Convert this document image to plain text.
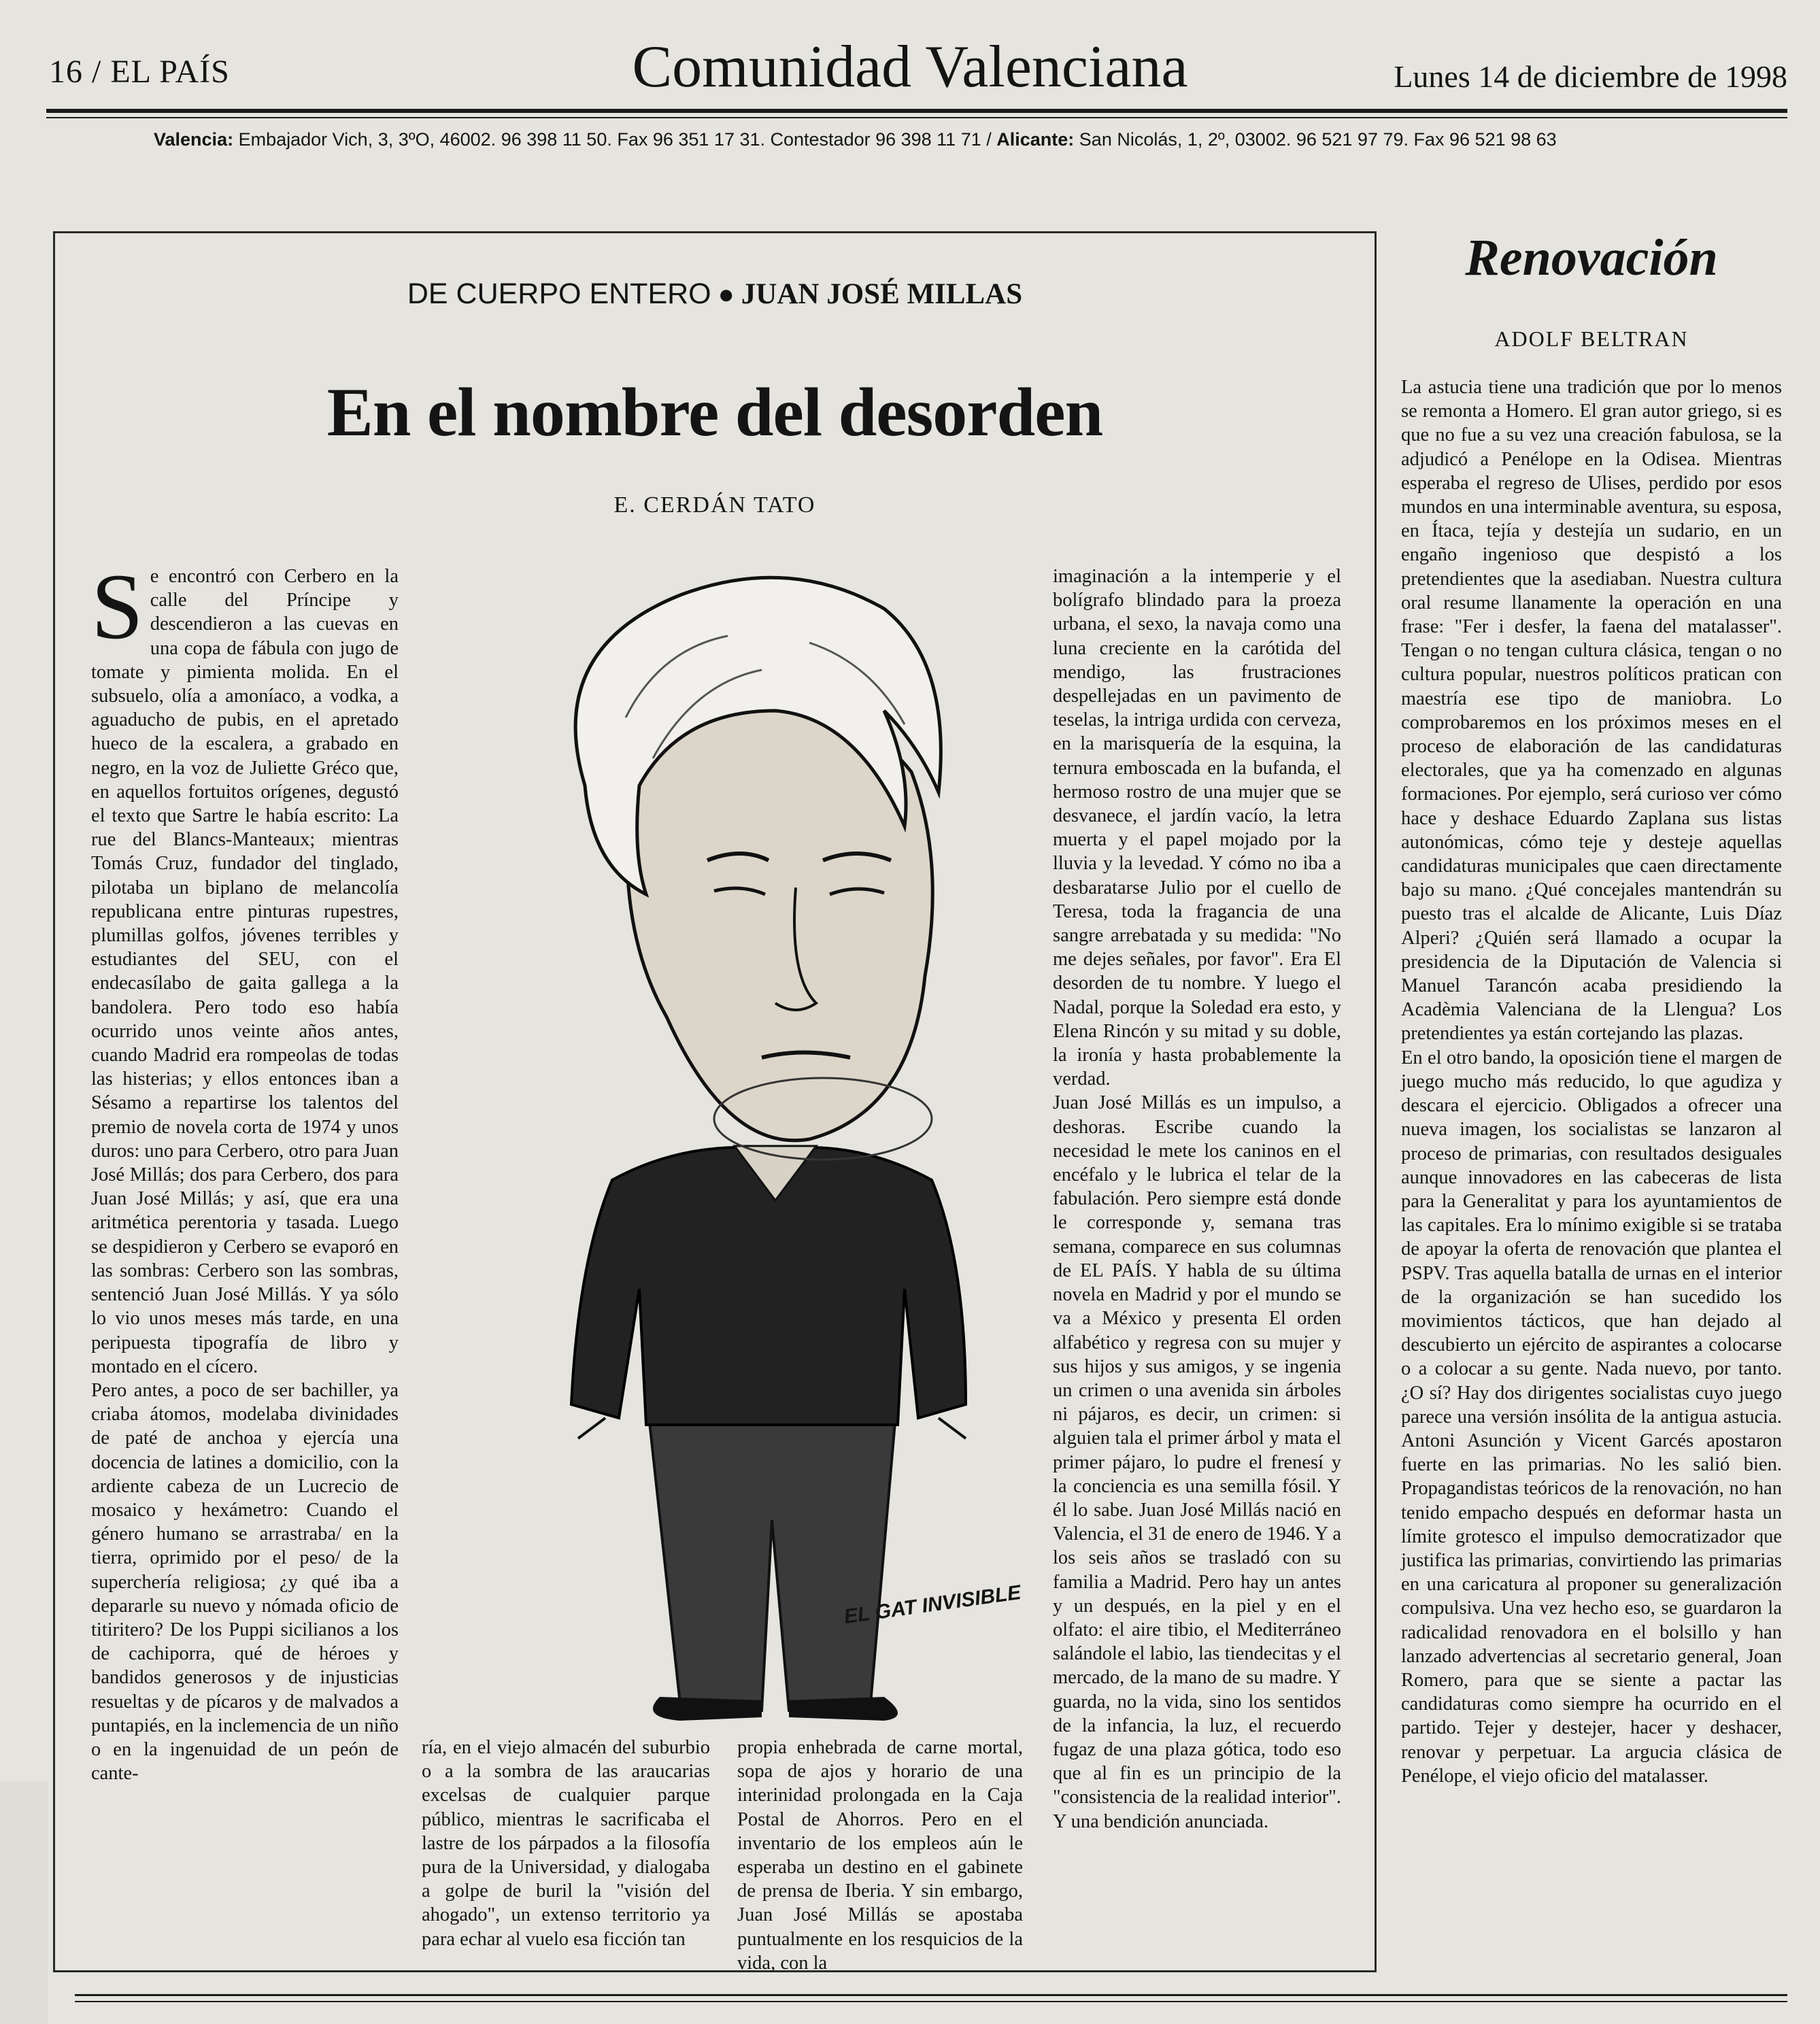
16 / EL PAÍS	Comunidad Valenciana	Lunes 14 de diciembre de 1998
Valencia: Embajador Vich, 3, 3ºO, 46002. 96 398 11 50. Fax 96 351 17 31. Contestador 96 398 11 71 / Alicante: San Nicolás, 1, 2º, 03002. 96 521 97 79. Fax 96 521 98 63
DE CUERPO ENTERO ● JUAN JOSÉ MILLAS
En el nombre del desorden
E. CERDÁN TATO
Se encontró con Cerbero en la calle del Príncipe y descendieron a las cuevas en una copa de fábula con jugo de tomate y pimienta molida. En el subsuelo, olía a amoníaco, a vodka, a aguaducho de pubis, en el apretado hueco de la escalera, a grabado en negro, en la voz de Juliette Gréco que, en aquellos fortuitos orígenes, degustó el texto que Sartre le había escrito: La rue del Blancs-Manteaux; mientras Tomás Cruz, fundador del tinglado, pilotaba un biplano de melancolía republicana entre pinturas rupestres, plumillas golfos, jóvenes terribles y estudiantes del SEU, con el endecasílabo de gaita gallega a la bandolera. Pero todo eso había ocurrido unos veinte años antes, cuando Madrid era rompeolas de todas las histerias; y ellos entonces iban a Sésamo a repartirse los talentos del premio de novela corta de 1974 y unos duros: uno para Cerbero, otro para Juan José Millás; dos para Cerbero, dos para Juan José Millás; y así, que era una aritmética perentoria y tasada. Luego se despidieron y Cerbero se evaporó en las sombras: Cerbero son las sombras, sentenció Juan José Millás. Y ya sólo lo vio unos meses más tarde, en una peripuesta tipografía de libro y montado en el cícero.
Pero antes, a poco de ser bachiller, ya criaba átomos, modelaba divinidades de paté de anchoa y ejercía una docencia de latines a domicilio, con la ardiente cabeza de un Lucrecio de mosaico y hexámetro: Cuando el género humano se arrastraba/ en la tierra, oprimido por el peso/ de la superchería religiosa; ¿y qué iba a depararle su nuevo y nómada oficio de titiritero? De los Puppi sicilianos a los de cachiporra, qué de héroes y bandidos generosos y de injusticias resueltas y de pícaros y de malvados a puntapiés, en la inclemencia de un niño o en la ingenuidad de un peón de cante-
EL GAT INVISIBLE
ría, en el viejo almacén del suburbio o a la sombra de las araucarias excelsas de cualquier parque público, mientras le sacrificaba el lastre de los párpados a la filosofía pura de la Universidad, y dialogaba a golpe de buril la "visión del ahogado", un extenso territorio ya para echar al vuelo esa ficción tan
propia enhebrada de carne mortal, sopa de ajos y horario de una interinidad prolongada en la Caja Postal de Ahorros. Pero en el inventario de los empleos aún le esperaba un destino en el gabinete de prensa de Iberia. Y sin embargo, Juan José Millás se apostaba puntualmente en los resquicios de la vida, con la
imaginación a la intemperie y el bolígrafo blindado para la proeza urbana, el sexo, la navaja como una luna creciente en la carótida del mendigo, las frustraciones despellejadas en un pavimento de teselas, la intriga urdida con cerveza, en la marisquería de la esquina, la ternura emboscada en la bufanda, el hermoso rostro de una mujer que se desvanece, el jardín vacío, la letra muerta y el papel mojado por la lluvia y la levedad. Y cómo no iba a desbaratarse Julio por el cuello de Teresa, toda la fragancia de una sangre arrebatada y su medida: "No me dejes señales, por favor". Era El desorden de tu nombre. Y luego el Nadal, porque la Soledad era esto, y Elena Rincón y su mitad y su doble, la ironía y hasta probablemente la verdad.
Juan José Millás es un impulso, a deshoras. Escribe cuando la necesidad le mete los caninos en el encéfalo y le lubrica el telar de la fabulación. Pero siempre está donde le corresponde y, semana tras semana, comparece en sus columnas de EL PAÍS. Y habla de su última novela en Madrid y por el mundo se va a México y presenta El orden alfabético y regresa con su mujer y sus hijos y sus amigos, y se ingenia un crimen o una avenida sin árboles ni pájaros, es decir, un crimen: si alguien tala el primer árbol y mata el primer pájaro, lo pudre el frenesí y la conciencia es una semilla fósil. Y él lo sabe. Juan José Millás nació en Valencia, el 31 de enero de 1946. Y a los seis años se trasladó con su familia a Madrid. Pero hay un antes y un después, en la piel y en el olfato: el aire tibio, el Mediterráneo salándole el labio, las tiendecitas y el mercado, de la mano de su madre. Y guarda, no la vida, sino los sentidos de la infancia, la luz, el recuerdo fugaz de una plaza gótica, todo eso que al fin es un principio de la "consistencia de la realidad interior". Y una bendición anunciada.
Renovación
ADOLF BELTRAN
La astucia tiene una tradición que por lo menos se remonta a Homero. El gran autor griego, si es que no fue a su vez una creación fabulosa, se la adjudicó a Penélope en la Odisea. Mientras esperaba el regreso de Ulises, perdido por esos mundos en una interminable aventura, su esposa, en Ítaca, tejía y destejía un sudario, en un engaño ingenioso que despistó a los pretendientes que la asediaban. Nuestra cultura oral resume llanamente la operación en una frase: "Fer i desfer, la faena del matalasser". Tengan o no tengan cultura clásica, tengan o no cultura popular, nuestros políticos pratican con maestría ese tipo de maniobra. Lo comprobaremos en los próximos meses en el proceso de elaboración de las candidaturas electorales, que ya ha comenzado en algunas formaciones. Por ejemplo, será curioso ver cómo hace y deshace Eduardo Zaplana sus listas autonómicas, cómo teje y desteje aquellas candidaturas municipales que caen directamente bajo su mano. ¿Qué concejales mantendrán su puesto tras el alcalde de Alicante, Luis Díaz Alperi? ¿Quién será llamado a ocupar la presidencia de la Diputación de Valencia si Manuel Tarancón acaba presidiendo la Acadèmia Valenciana de la Llengua? Los pretendientes ya están cortejando las plazas.
En el otro bando, la oposición tiene el margen de juego mucho más reducido, lo que agudiza y descara el ejercicio. Obligados a ofrecer una nueva imagen, los socialistas se lanzaron al proceso de primarias, con resultados desiguales aunque innovadores en las cabeceras de lista para la Generalitat y para los ayuntamientos de las capitales. Era lo mínimo exigible si se trataba de apoyar la oferta de renovación que plantea el PSPV. Tras aquella batalla de urnas en el interior de la organización se han sucedido los movimientos tácticos, que han dejado al descubierto un ejército de aspirantes a colocarse o a colocar a su gente. Nada nuevo, por tanto. ¿O sí? Hay dos dirigentes socialistas cuyo juego parece una versión insólita de la antigua astucia. Antoni Asunción y Vicent Garcés apostaron fuerte en las primarias. No les salió bien. Propagandistas teóricos de la renovación, no han tenido empacho después en deformar hasta un límite grotesco el impulso democratizador que justifica las primarias, convirtiendo las primarias en una caricatura al proponer su generalización compulsiva. Una vez hecho eso, se guardaron la radicalidad renovadora en el bolsillo y han lanzado advertencias al secretario general, Joan Romero, para que se siente a pactar las candidaturas como siempre ha ocurrido en el partido. Tejer y destejer, hacer y deshacer, renovar y perpetuar. La argucia clásica de Penélope, el viejo oficio del matalasser.
